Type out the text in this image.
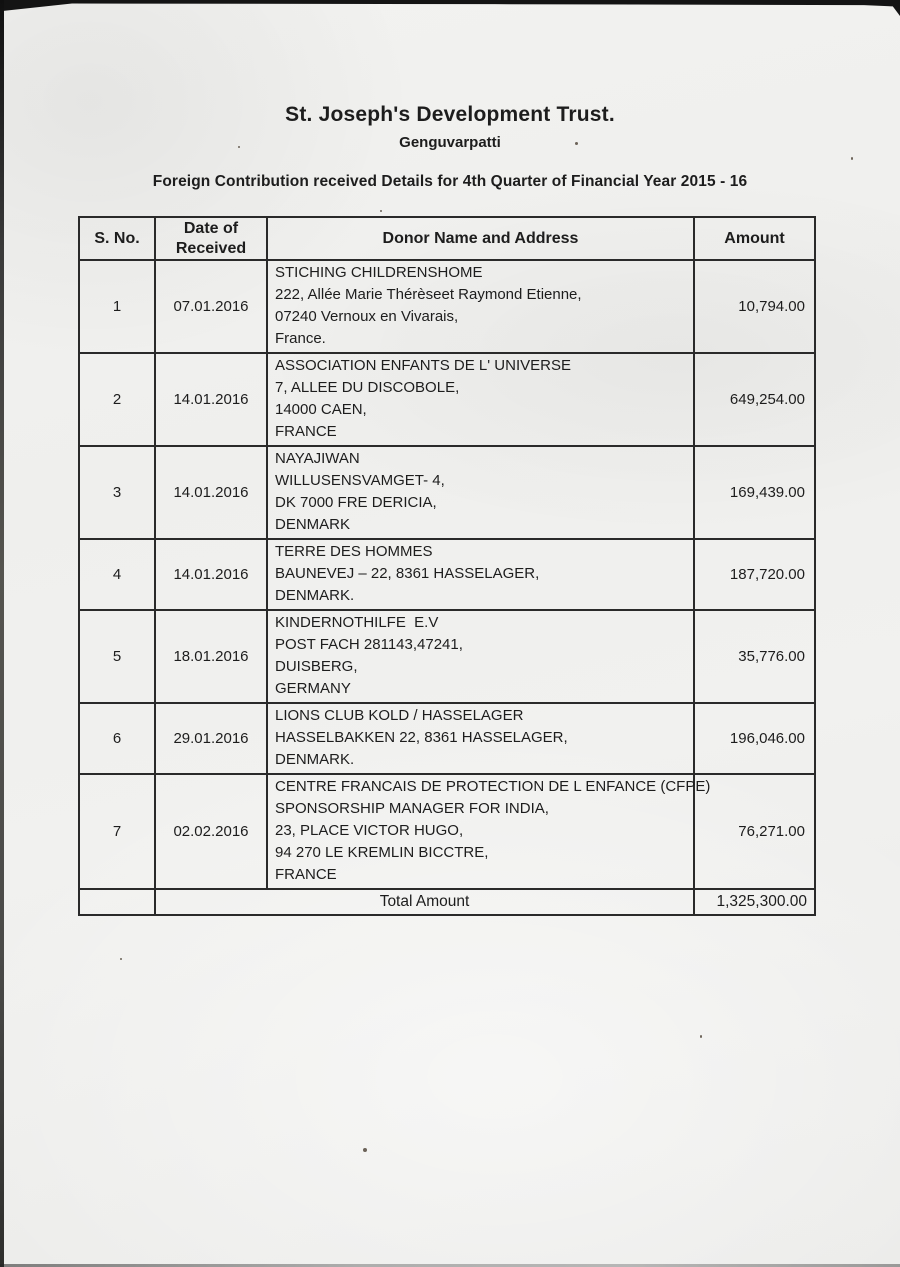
St. Joseph's Development Trust.
Genguvarpatti
Foreign Contribution received Details for 4th Quarter of Financial Year 2015 - 16
S. No.	Date of
Received	Donor Name and Address	Amount
1	07.01.2016	STICHING CHILDRENSHOME
222, Allée Marie Thérèseet Raymond Etienne,
07240 Vernoux en Vivarais,
France.	10,794.00
2	14.01.2016	ASSOCIATION ENFANTS DE L' UNIVERSE
7, ALLEE DU DISCOBOLE,
14000 CAEN,
FRANCE	649,254.00
3	14.01.2016	NAYAJIWAN
WILLUSENSVAMGET- 4,
DK 7000 FRE DERICIA,
DENMARK	169,439.00
4	14.01.2016	TERRE DES HOMMES
BAUNEVEJ – 22, 8361 HASSELAGER,
DENMARK.	187,720.00
5	18.01.2016	KINDERNOTHILFE  E.V
POST FACH 281143,47241,
DUISBERG,
GERMANY	35,776.00
6	29.01.2016	LIONS CLUB KOLD / HASSELAGER
HASSELBAKKEN 22, 8361 HASSELAGER,
DENMARK.	196,046.00
7	02.02.2016	CENTRE FRANCAIS DE PROTECTION DE L ENFANCE (CFPE)
SPONSORSHIP MANAGER FOR INDIA,
23, PLACE VICTOR HUGO,
94 270 LE KREMLIN BICCTRE,
FRANCE	76,271.00
	Total Amount		1,325,300.00
